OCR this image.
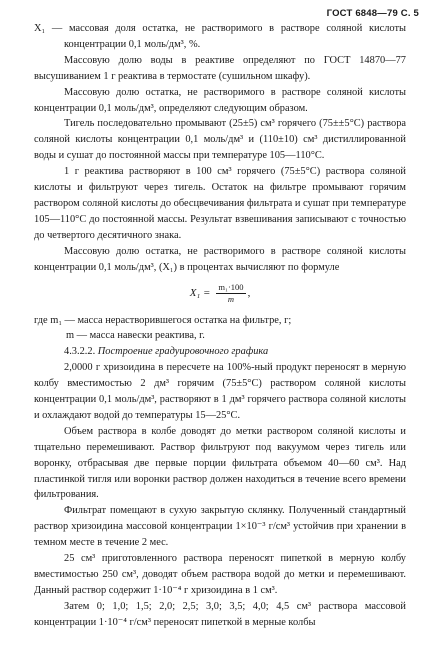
ГОСТ 6848—79 С. 5

X₁ — массовая доля остатка, не растворимого в растворе соляной кислоты концентрации 0,1 моль/дм³, %.

Массовую долю воды в реактиве определяют по ГОСТ 14870—77 высушиванием 1 г реактива в термостате (сушильном шкафу).

Массовую долю остатка, не растворимого в растворе соляной кислоты концентрации 0,1 моль/дм³, определяют следующим образом.

Тигель последовательно промывают (25±5) см³ горячего (75±±5°С) раствора соляной кислоты концентрации 0,1 моль/дм³ и (110±10) см³ дистиллированной воды и сушат до постоянной массы при температуре 105—110°С.

1 г реактива растворяют в 100 см³ горячего (75±5°С) раствора соляной кислоты и фильтруют через тигель. Остаток на фильтре промывают горячим раствором соляной кислоты до обесцвечивания фильтрата и сушат при температуре 105—110°С до постоянной массы. Результат взвешивания записывают с точностью до четвертого десятичного знака.

Массовую долю остатка, не растворимого в растворе соляной кислоты концентрации 0,1 моль/дм³, (X₁) в процентах вычисляют по формуле

$X_1 = \frac{\text{m₁·100}}{m}$ ,

где m₁ — масса нерастворившегося остатка на фильтре, г;

m — масса навески реактива, г.

4.3.2.2. Построение градуировочного графика

2,0000 г хризоидина в пересчете на 100%-ный продукт переносят в мерную колбу вместимостью 2 дм³ горячим (75±5°С) раствором соляной кислоты концентрации 0,1 моль/дм³, растворяют в 1 дм³ горячего раствора соляной кислоты и охлаждают водой до температуры 15—25°С.

Объем раствора в колбе доводят до метки раствором соляной кислоты и тщательно перемешивают. Раствор фильтруют под вакуумом через тигель или воронку, отбрасывая две первые порции фильтрата объемом 40—60 см³. Над пластинкой тигля или воронки раствор должен находиться в течение всего времени фильтрования.

Фильтрат помещают в сухую закрытую склянку. Полученный стандартный раствор хризоидина массовой концентрации 1×10⁻³ г/см³ устойчив при хранении в темном месте в течение 2 мес.

25 см³ приготовленного раствора переносят пипеткой в мерную колбу вместимостью 250 см³, доводят объем раствора водой до метки и перемешивают. Данный раствор содержит 1·10⁻⁴ г хризоидина в 1 см³.

Затем 0; 1,0; 1,5; 2,0; 2,5; 3,0; 3,5; 4,0; 4,5 см³ раствора массовой концентрации 1·10⁻⁴ г/см³ переносят пипеткой в мерные колбы
